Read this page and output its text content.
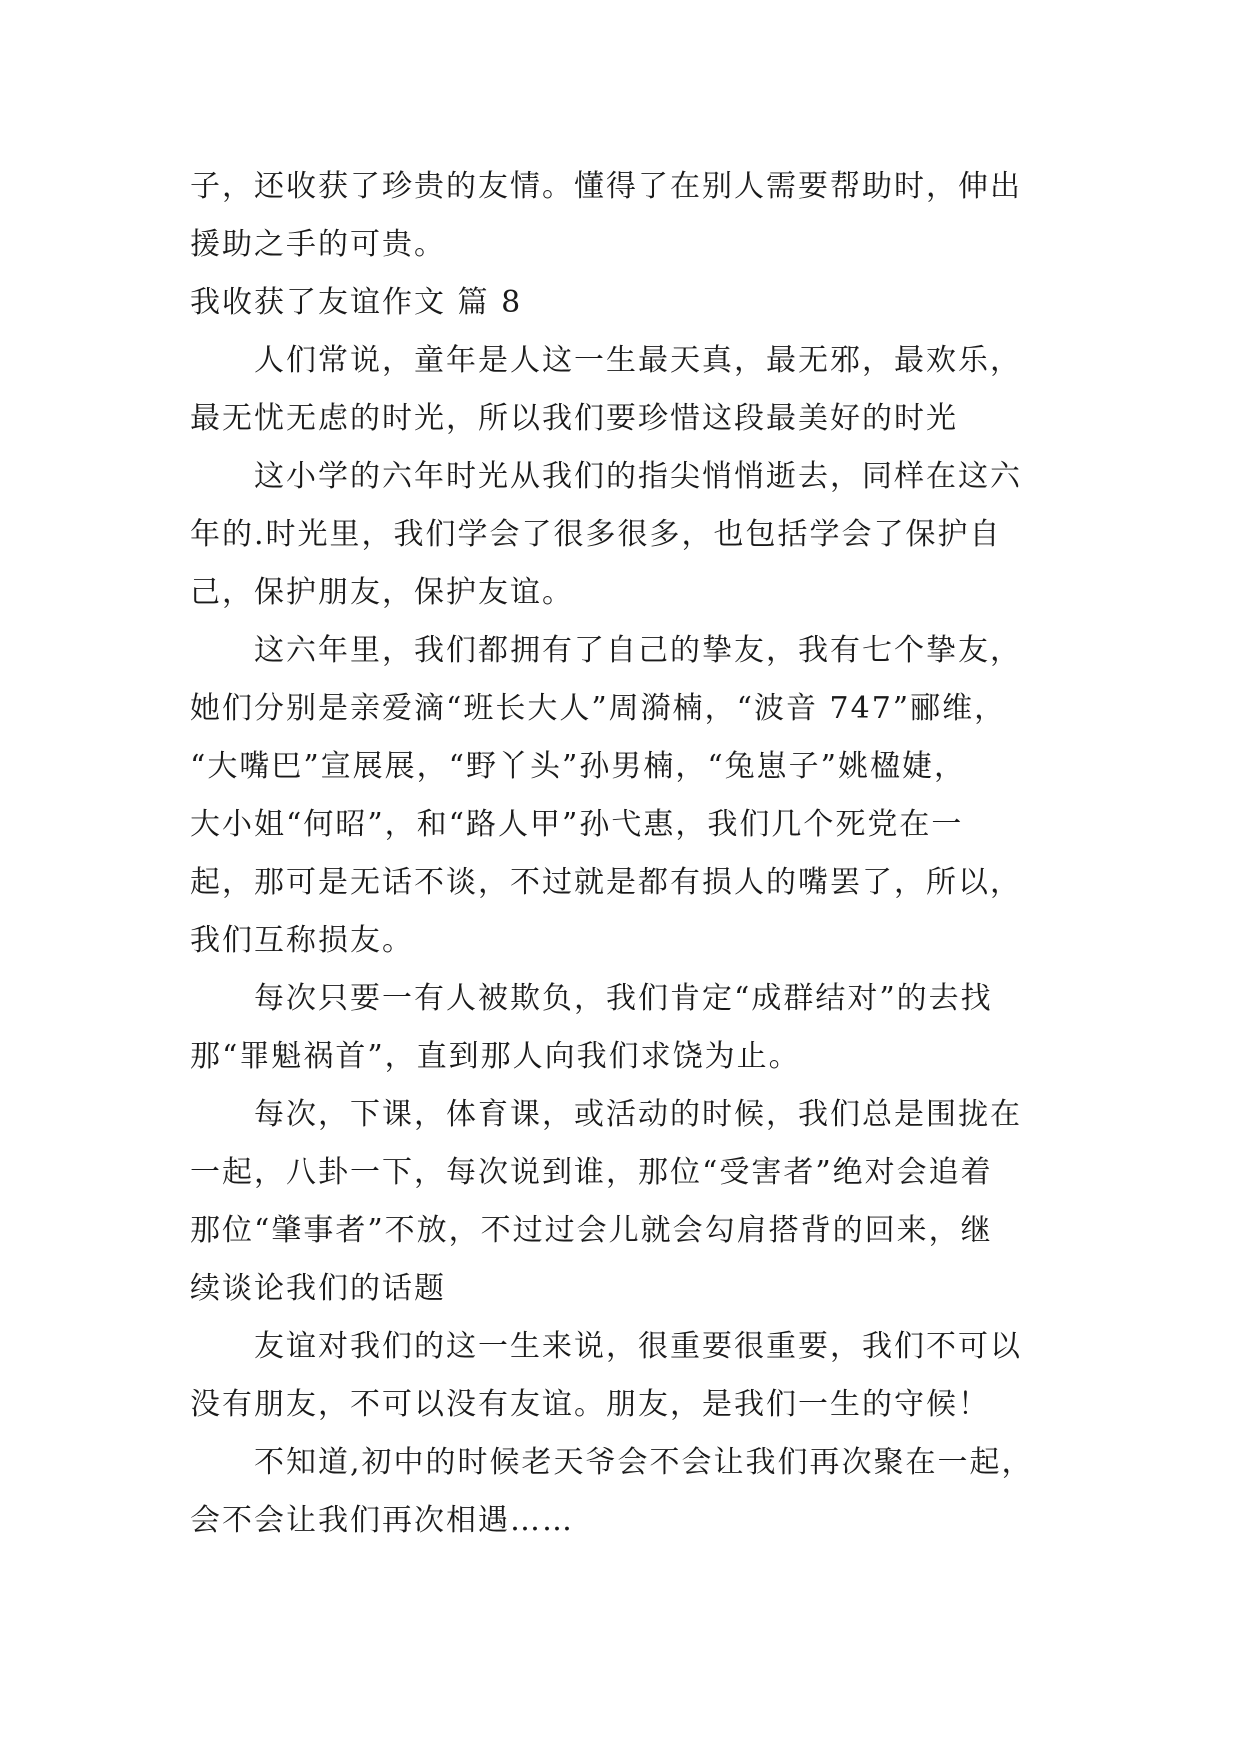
子，还收获了珍贵的友情。懂得了在别人需要帮助时，伸出
援助之手的可贵。
我收获了友谊作文 篇 8
人们常说，童年是人这一生最天真，最无邪，最欢乐，
最无忧无虑的时光，所以我们要珍惜这段最美好的时光
这小学的六年时光从我们的指尖悄悄逝去，同样在这六
年的.时光里，我们学会了很多很多，也包括学会了保护自
己，保护朋友，保护友谊。
这六年里，我们都拥有了自己的挚友，我有七个挚友，
她们分别是亲爱滴“班长大人”周漪楠，“波音 747”郦维，
“大嘴巴”宣展展，“野丫头”孙男楠，“兔崽子”姚楹婕，
大小姐“何昭”，和“路人甲”孙弋惠，我们几个死党在一
起，那可是无话不谈，不过就是都有损人的嘴罢了，所以，
我们互称损友。
每次只要一有人被欺负，我们肯定“成群结对”的去找
那“罪魁祸首”，直到那人向我们求饶为止。
每次，下课，体育课，或活动的时候，我们总是围拢在
一起，八卦一下，每次说到谁，那位“受害者”绝对会追着
那位“肇事者”不放，不过过会儿就会勾肩搭背的回来，继
续谈论我们的话题
友谊对我们的这一生来说，很重要很重要，我们不可以
没有朋友，不可以没有友谊。朋友，是我们一生的守候！
不知道,初中的时候老天爷会不会让我们再次聚在一起，
会不会让我们再次相遇……
